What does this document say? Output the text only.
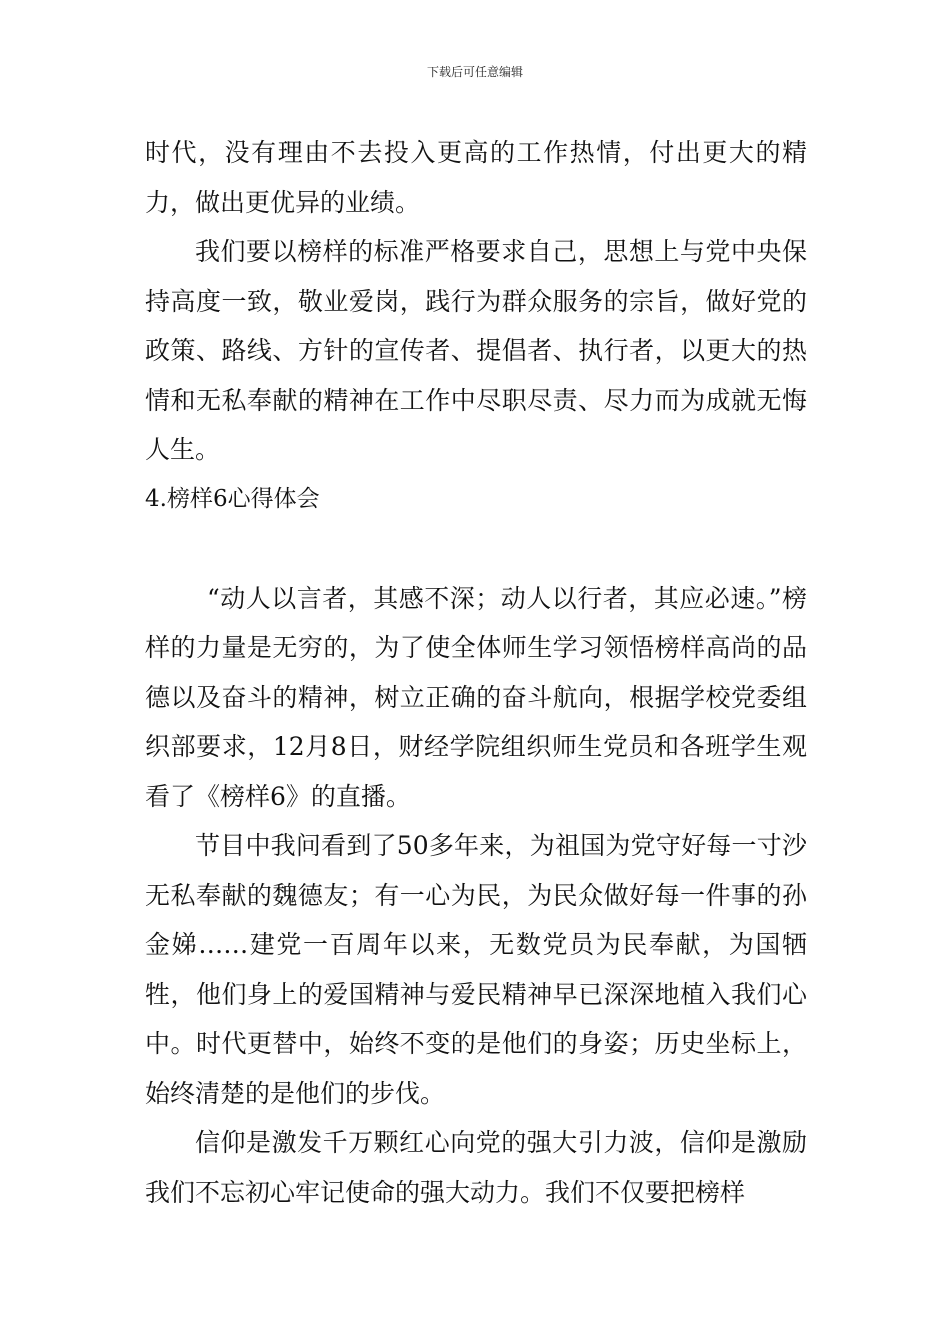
下载后可任意编辑

时代，没有理由不去投入更高的工作热情，付出更大的精力，做出更优异的业绩。

我们要以榜样的标准严格要求自己，思想上与党中央保持高度一致，敬业爱岗，践行为群众服务的宗旨，做好党的政策、路线、方针的宣传者、提倡者、执行者，以更大的热情和无私奉献的精神在工作中尽职尽责、尽力而为成就无悔人生。

4.榜样6心得体会

“动人以言者，其感不深；动人以行者，其应必速。”榜样的力量是无穷的，为了使全体师生学习领悟榜样高尚的品德以及奋斗的精神，树立正确的奋斗航向，根据学校党委组织部要求，12月8日，财经学院组织师生党员和各班学生观看了《榜样6》的直播。

节目中我问看到了50多年来，为祖国为党守好每一寸沙无私奉献的魏德友；有一心为民，为民众做好每一件事的孙金娣……建党一百周年以来，无数党员为民奉献，为国牺牲，他们身上的爱国精神与爱民精神早已深深地植入我们心中。时代更替中，始终不变的是他们的身姿；历史坐标上，始终清楚的是他们的步伐。

信仰是激发千万颗红心向党的强大引力波，信仰是激励我们不忘初心牢记使命的强大动力。我们不仅要把榜样
